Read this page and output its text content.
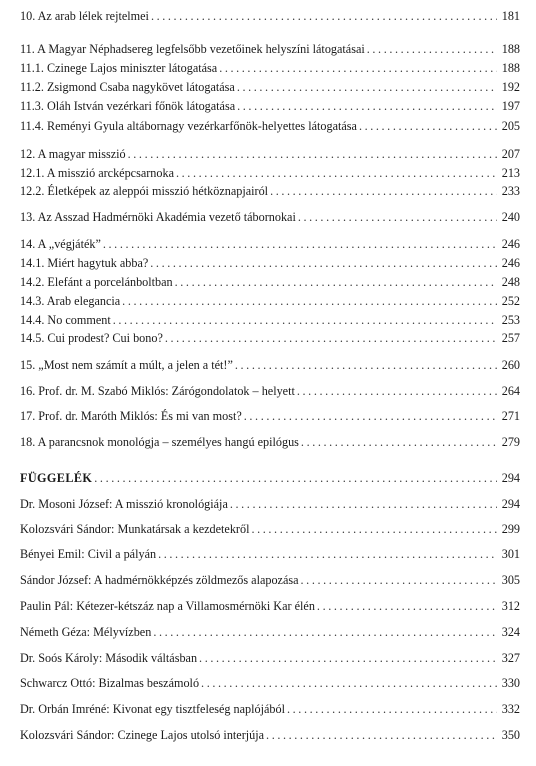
10. Az arab lélek rejtelmei .....	181
11. A Magyar Néphadsereg legfelsőbb vezetőinek helyszíni látogatásai .....	188
11.1. Czinege Lajos miniszter látogatása .....	188
11.2. Zsigmond Csaba nagykövet látogatása .....	192
11.3. Oláh István vezérkari főnök látogatása .....	197
11.4. Reményi Gyula altábornagy vezérkarfőnök-helyettes látogatása .....	205
12. A magyar misszió .....	207
12.1. A misszió arcképcsarnoka .....	213
12.2. Életképek az aleppói misszió hétköznapjairól .....	233
13. Az Asszad Hadmérnöki Akadémia vezető tábornokai .....	240
14. A „végjáték” .....	246
14.1. Miért hagytuk abba? .....	246
14.2. Elefánt a porcelánboltban .....	248
14.3. Arab elegancia .....	252
14.4. No comment .....	253
14.5. Cui prodest? Cui bono? .....	257
15. „Most nem számít a múlt, a jelen a tét!” .....	260
16. Prof. dr. M. Szabó Miklós: Zárógondolatok – helyett .....	264
17. Prof. dr. Maróth Miklós: És mi van most? .....	271
18. A parancsnok monológja – személyes hangú epilógus .....	279
FÜGGELÉK .....	294
Dr. Mosoni József: A misszió kronológiája .....	294
Kolozsvári Sándor: Munkatársak a kezdetekről .....	299
Bényei Emil: Civil a pályán .....	301
Sándor József: A hadmérnökképzés zöldmezős alapozása .....	305
Paulin Pál: Kétezer-kétszáz nap a Villamosmérnöki Kar élén .....	312
Németh Géza: Mélyvízben .....	324
Dr. Soós Károly: Második váltásban .....	327
Schwarcz Ottó: Bizalmas beszámoló .....	330
Dr. Orbán Imréné: Kivonat egy tisztfeleség naplójából .....	332
Kolozsvári Sándor: Czinege Lajos utolsó interjúja .....	350
